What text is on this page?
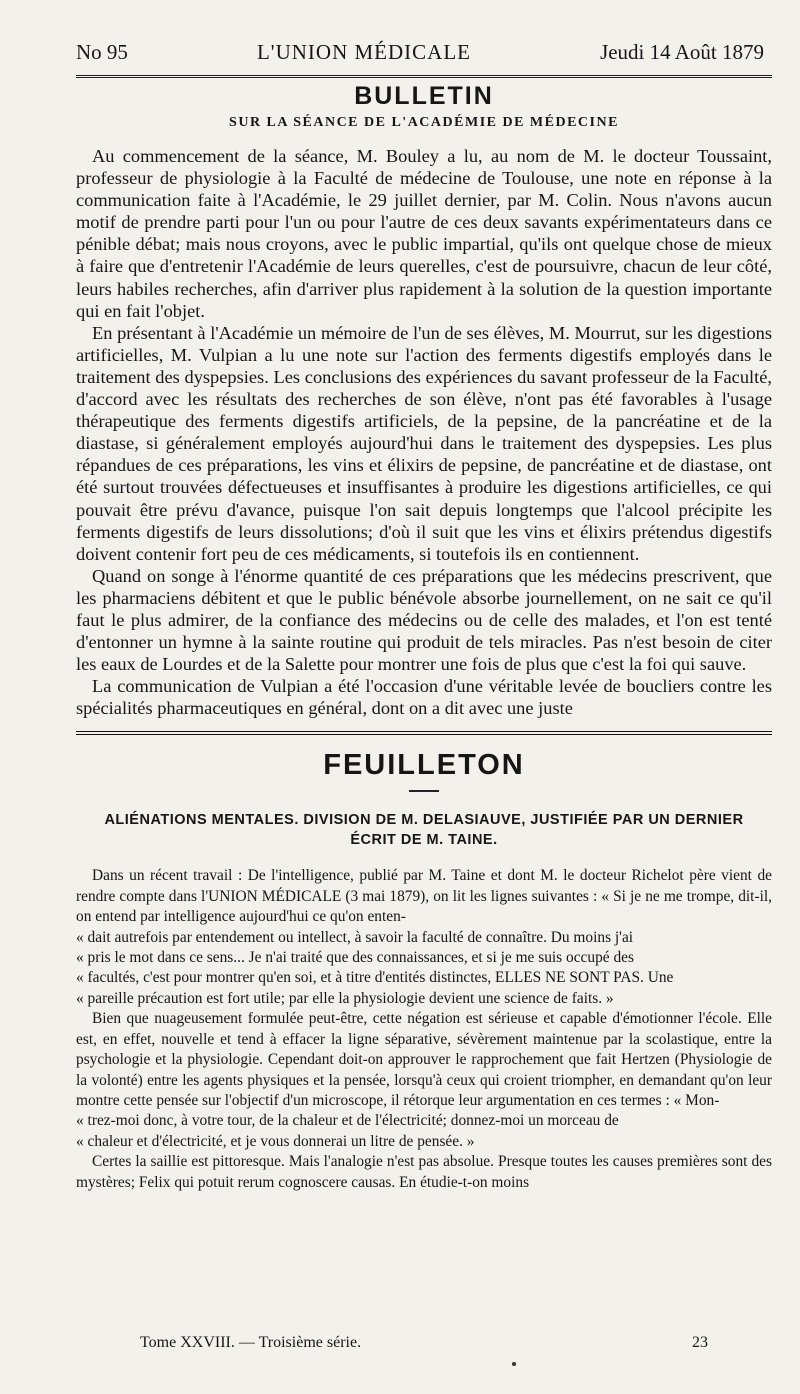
No 95	L'UNION MÉDICALE	Jeudi 14 Août 1879
BULLETIN
SUR LA SÉANCE DE L'ACADÉMIE DE MÉDECINE

Au commencement de la séance, M. Bouley a lu, au nom de M. le docteur Toussaint, professeur de physiologie à la Faculté de médecine de Toulouse, une note en réponse à la communication faite à l'Académie, le 29 juillet dernier, par M. Colin. Nous n'avons aucun motif de prendre parti pour l'un ou pour l'autre de ces deux savants expérimentateurs dans ce pénible débat; mais nous croyons, avec le public impartial, qu'ils ont quelque chose de mieux à faire que d'entretenir l'Académie de leurs querelles, c'est de poursuivre, chacun de leur côté, leurs habiles recherches, afin d'arriver plus rapidement à la solution de la question importante qui en fait l'objet.

En présentant à l'Académie un mémoire de l'un de ses élèves, M. Mourrut, sur les digestions artificielles, M. Vulpian a lu une note sur l'action des ferments digestifs employés dans le traitement des dyspepsies. Les conclusions des expériences du savant professeur de la Faculté, d'accord avec les résultats des recherches de son élève, n'ont pas été favorables à l'usage thérapeutique des ferments digestifs artificiels, de la pepsine, de la pancréatine et de la diastase, si généralement employés aujourd'hui dans le traitement des dyspepsies. Les plus répandues de ces préparations, les vins et élixirs de pepsine, de pancréatine et de diastase, ont été surtout trouvées défectueuses et insuffisantes à produire les digestions artificielles, ce qui pouvait être prévu d'avance, puisque l'on sait depuis longtemps que l'alcool précipite les ferments digestifs de leurs dissolutions; d'où il suit que les vins et élixirs prétendus digestifs doivent contenir fort peu de ces médicaments, si toutefois ils en contiennent.

Quand on songe à l'énorme quantité de ces préparations que les médecins prescrivent, que les pharmaciens débitent et que le public bénévole absorbe journellement, on ne sait ce qu'il faut le plus admirer, de la confiance des médecins ou de celle des malades, et l'on est tenté d'entonner un hymne à la sainte routine qui produit de tels miracles. Pas n'est besoin de citer les eaux de Lourdes et de la Salette pour montrer une fois de plus que c'est la foi qui sauve.

La communication de Vulpian a été l'occasion d'une véritable levée de boucliers contre les spécialités pharmaceutiques en général, dont on a dit avec une juste

FEUILLETON
ALIÉNATIONS MENTALES. DIVISION DE M. DELASIAUVE, JUSTIFIÉE PAR UN DERNIER ÉCRIT DE M. TAINE.

Dans un récent travail : De l'intelligence, publié par M. Taine et dont M. le docteur Richelot père vient de rendre compte dans l'UNION MÉDICALE (3 mai 1879), on lit les lignes suivantes : « Si je ne me trompe, dit-il, on entend par intelligence aujourd'hui ce qu'on enten-

« dait autrefois par entendement ou intellect, à savoir la faculté de connaître. Du moins j'ai

« pris le mot dans ce sens... Je n'ai traité que des connaissances, et si je me suis occupé des

« facultés, c'est pour montrer qu'en soi, et à titre d'entités distinctes, ELLES NE SONT PAS. Une

« pareille précaution est fort utile; par elle la physiologie devient une science de faits. »

Bien que nuageusement formulée peut-être, cette négation est sérieuse et capable d'émotionner l'école. Elle est, en effet, nouvelle et tend à effacer la ligne séparative, sévèrement maintenue par la scolastique, entre la psychologie et la physiologie. Cependant doit-on approuver le rapprochement que fait Hertzen (Physiologie de la volonté) entre les agents physiques et la pensée, lorsqu'à ceux qui croient triompher, en demandant qu'on leur montre cette pensée sur l'objectif d'un microscope, il rétorque leur argumentation en ces termes : « Mon-

« trez-moi donc, à votre tour, de la chaleur et de l'électricité; donnez-moi un morceau de

« chaleur et d'électricité, et je vous donnerai un litre de pensée. »

Certes la saillie est pittoresque. Mais l'analogie n'est pas absolue. Presque toutes les causes premières sont des mystères; Felix qui potuit rerum cognoscere causas. En étudie-t-on moins

Tome XXVIII. — Troisième série.	23
